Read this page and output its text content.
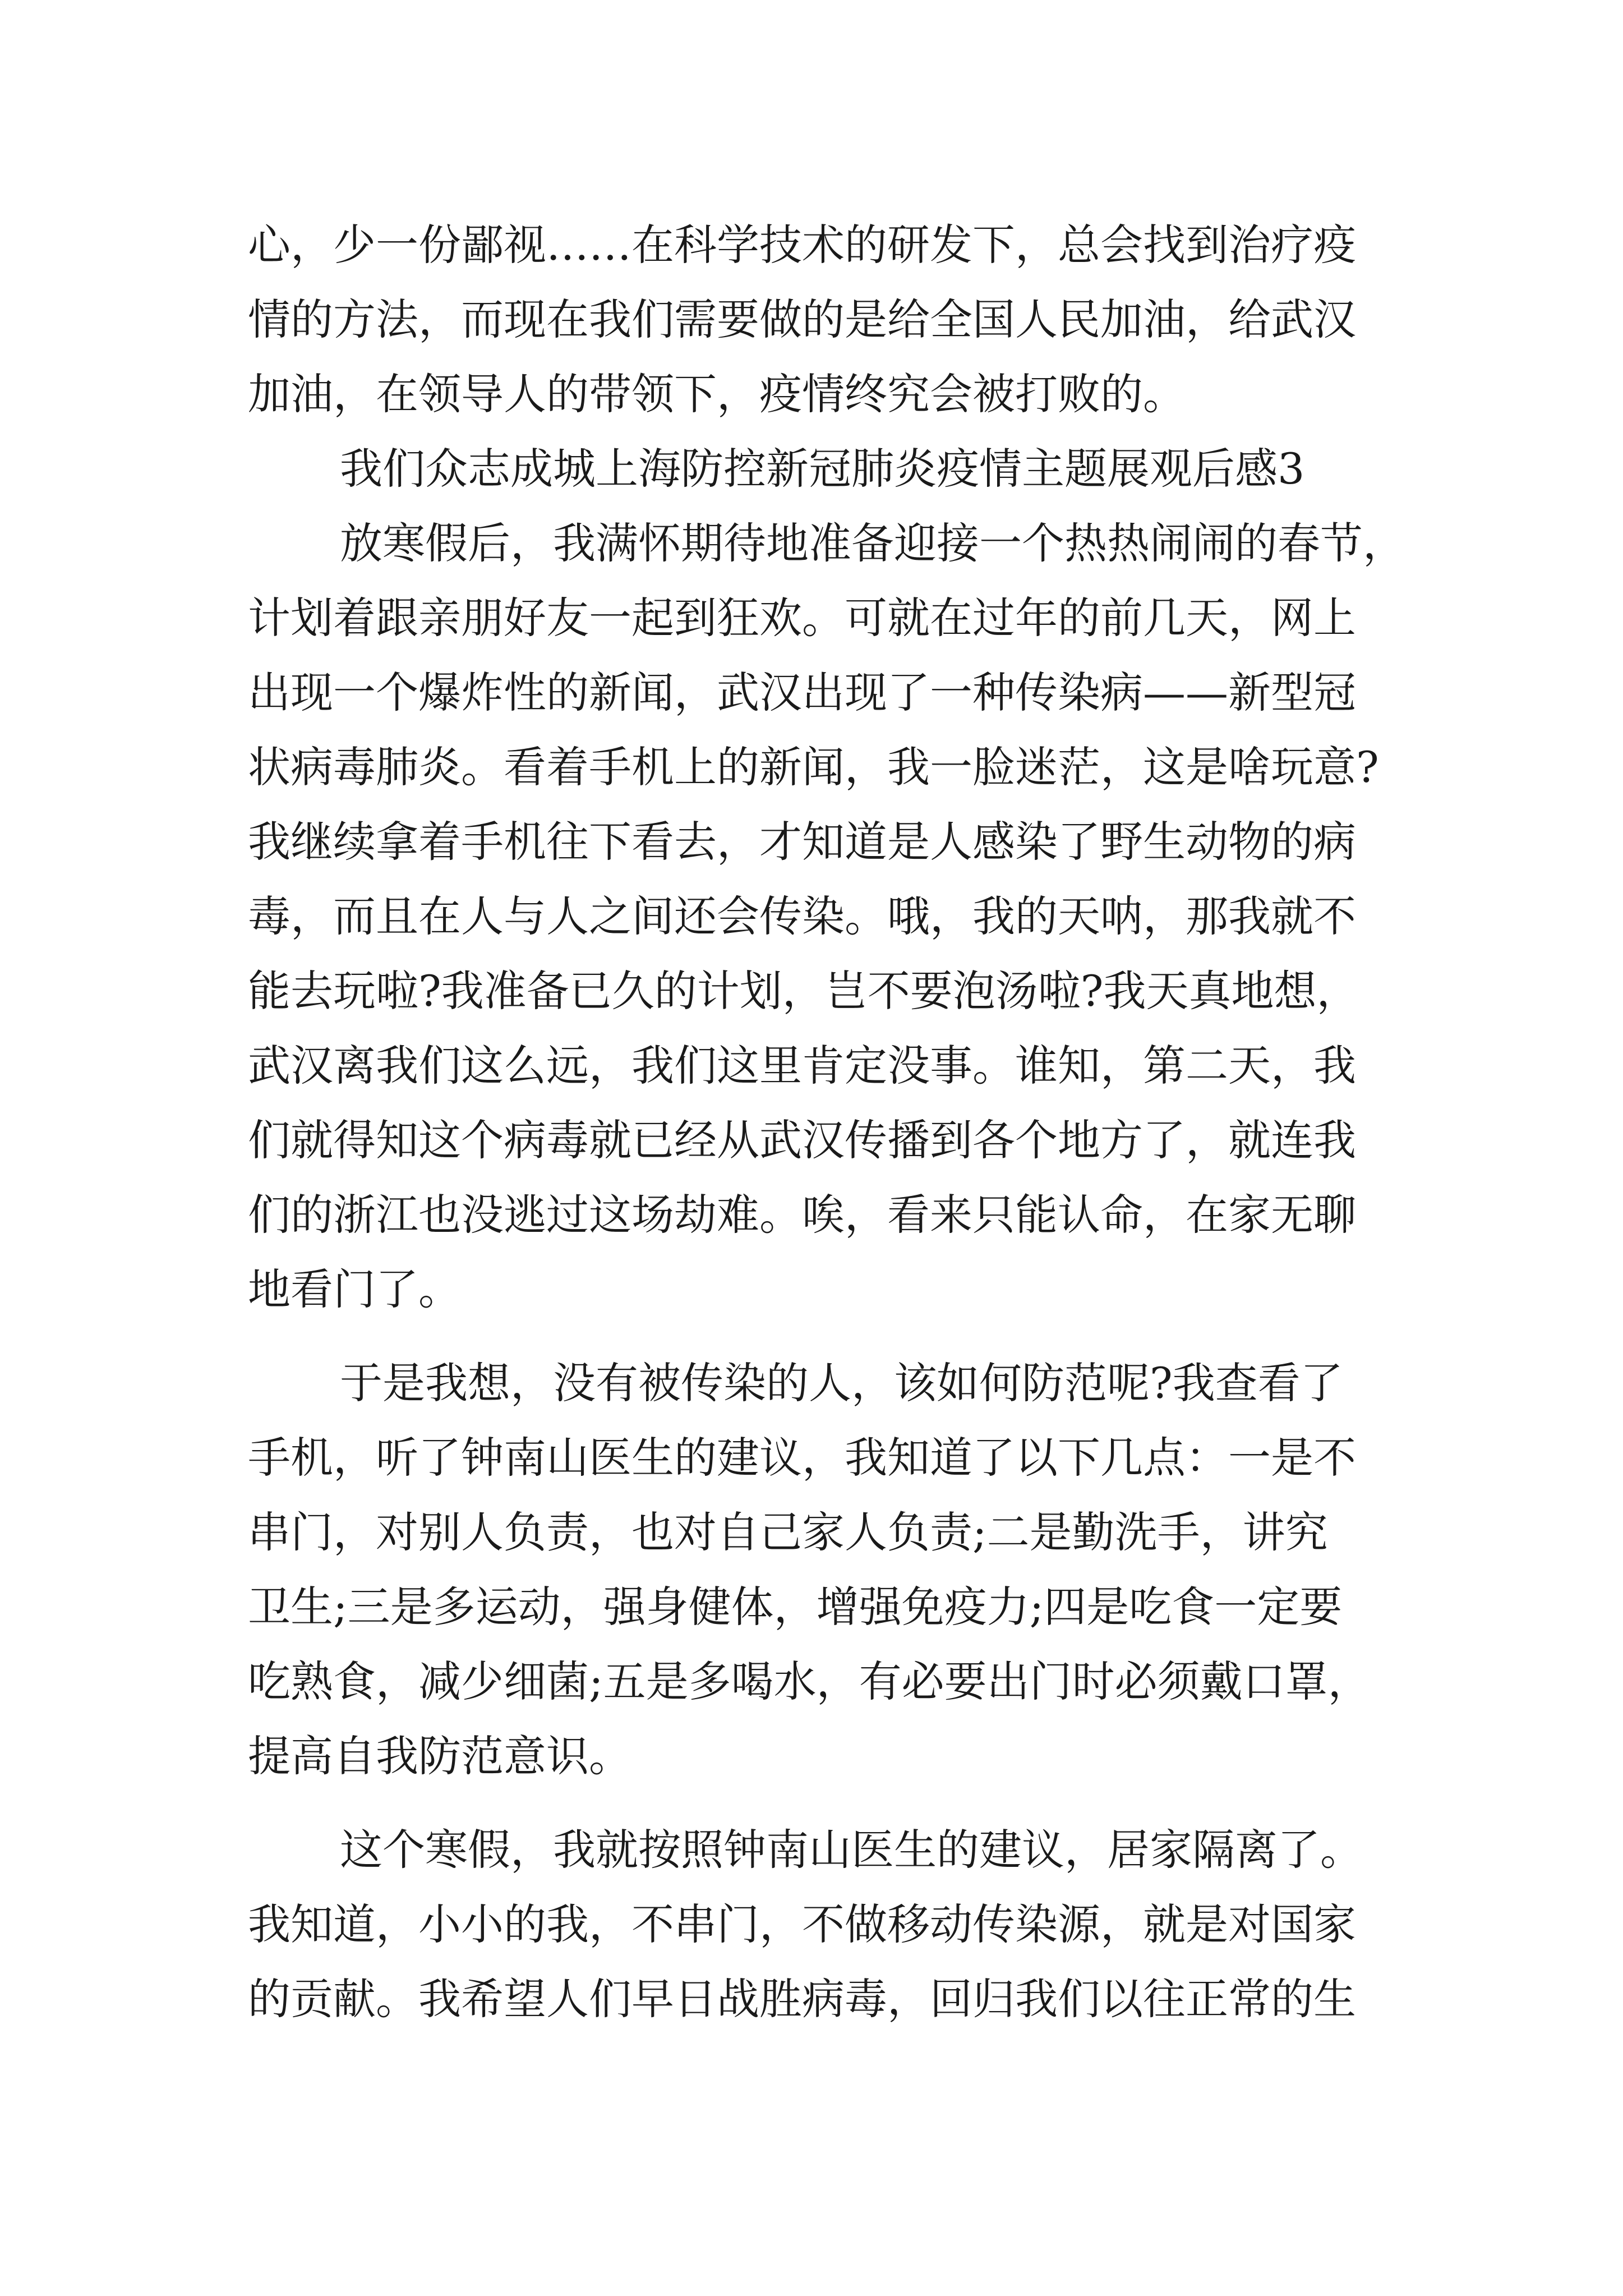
心，少一份鄙视……在科学技术的研发下，总会找到治疗疫
情的方法，而现在我们需要做的是给全国人民加油，给武汉
加油，在领导人的带领下，疫情终究会被打败的。

我们众志成城上海防控新冠肺炎疫情主题展观后感3

放寒假后，我满怀期待地准备迎接一个热热闹闹的春节，
计划着跟亲朋好友一起到狂欢。可就在过年的前几天，网上
出现一个爆炸性的新闻，武汉出现了一种传染病——新型冠
状病毒肺炎。看着手机上的新闻，我一脸迷茫，这是啥玩意?
我继续拿着手机往下看去，才知道是人感染了野生动物的病
毒，而且在人与人之间还会传染。哦，我的天呐，那我就不
能去玩啦?我准备已久的计划，岂不要泡汤啦?我天真地想，
武汉离我们这么远，我们这里肯定没事。谁知，第二天，我
们就得知这个病毒就已经从武汉传播到各个地方了，就连我
们的浙江也没逃过这场劫难。唉，看来只能认命，在家无聊
地看门了。

于是我想，没有被传染的人，该如何防范呢?我查看了
手机，听了钟南山医生的建议，我知道了以下几点：一是不
串门，对别人负责，也对自己家人负责;二是勤洗手，讲究
卫生;三是多运动，强身健体，增强免疫力;四是吃食一定要
吃熟食，减少细菌;五是多喝水，有必要出门时必须戴口罩，
提高自我防范意识。

这个寒假，我就按照钟南山医生的建议，居家隔离了。
我知道，小小的我，不串门，不做移动传染源，就是对国家
的贡献。我希望人们早日战胜病毒，回归我们以往正常的生
